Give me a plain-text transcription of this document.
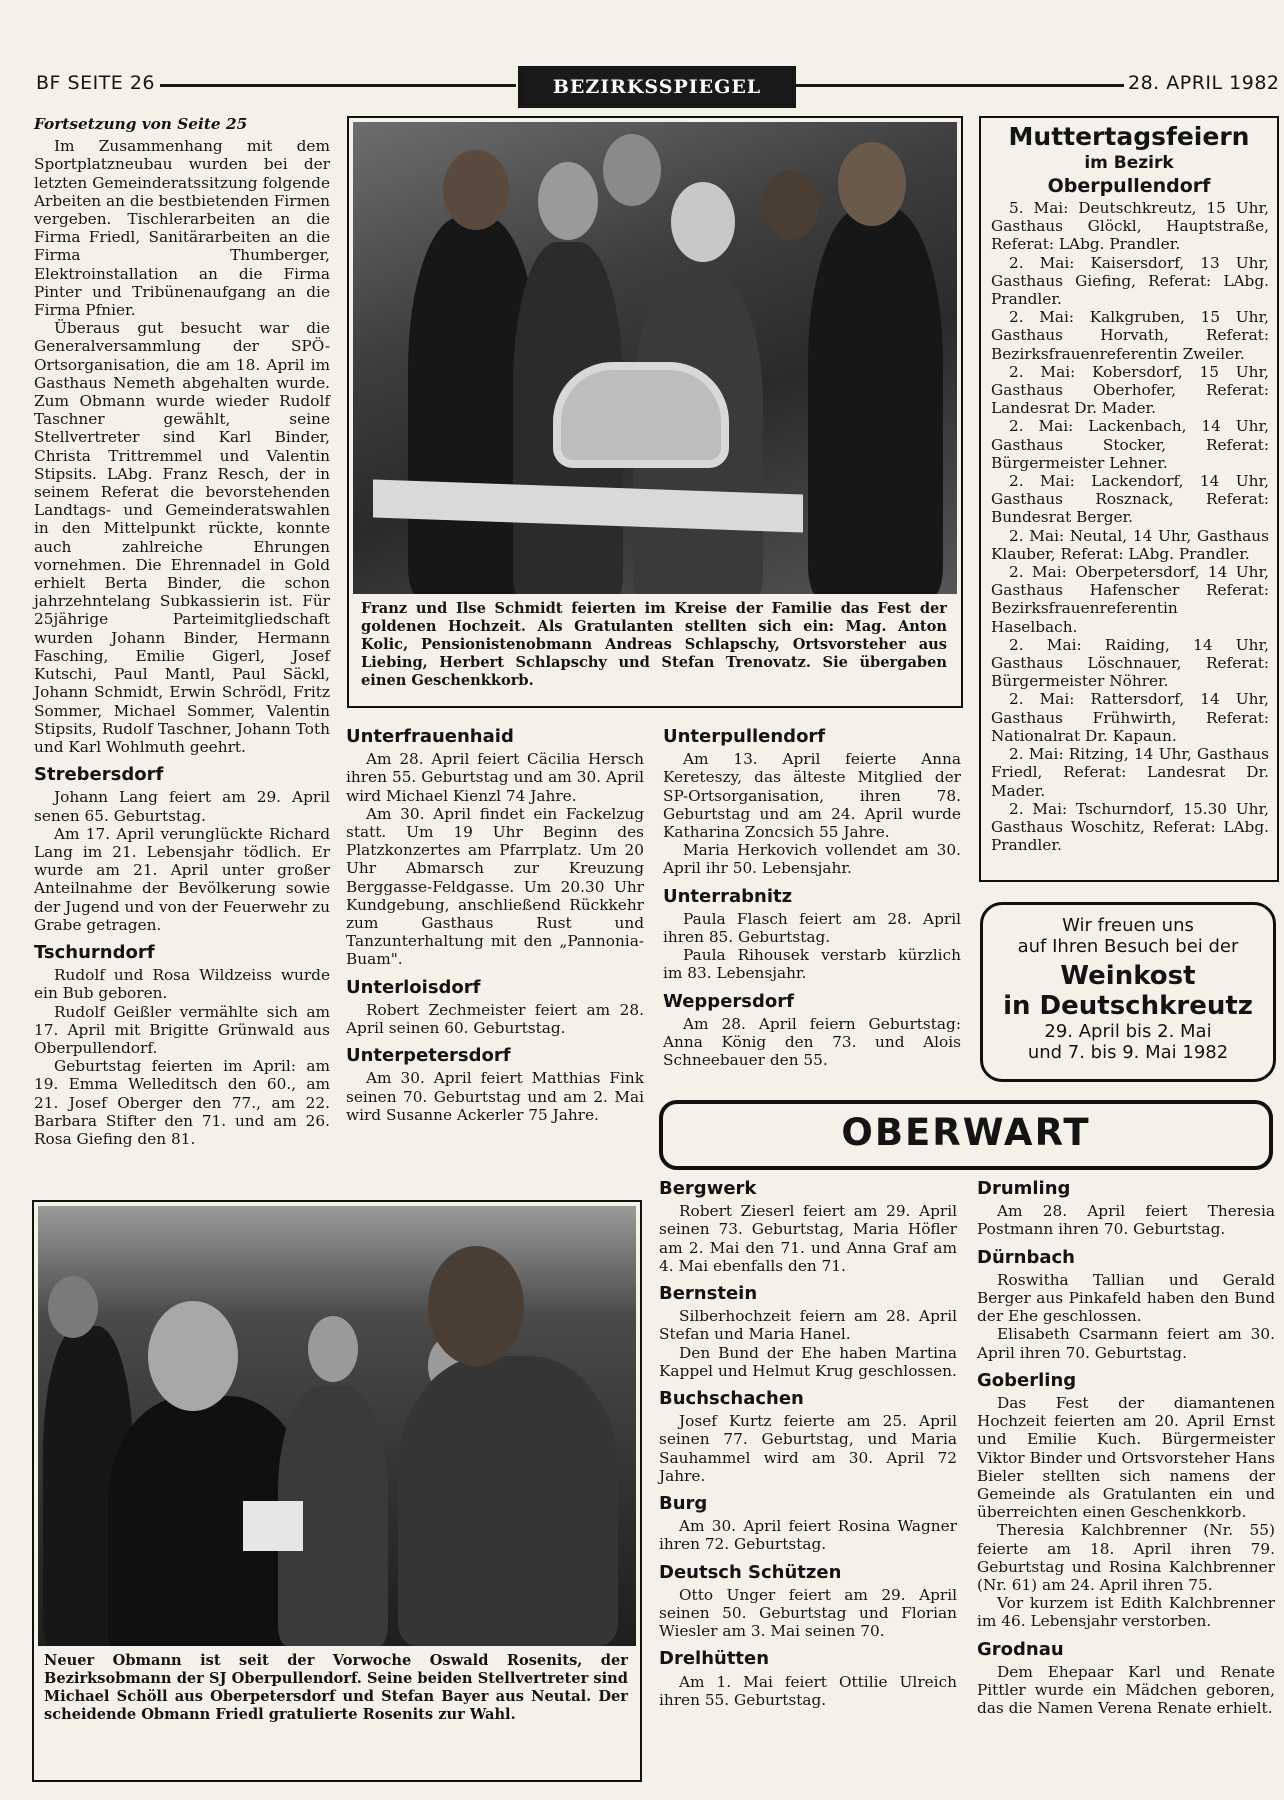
BF SEITE 26	BEZIRKSSPIEGEL	28. APRIL 1982

Fortsetzung von Seite 25

Im Zusammenhang mit dem Sportplatzneubau wurden bei der letzten Gemeinderatssitzung folgende Arbeiten an die bestbietenden Firmen vergeben. Tischlerarbeiten an die Firma Friedl, Sanitärarbeiten an die Firma Thumberger, Elektroinstallation an die Firma Pinter und Tribünenaufgang an die Firma Pfnier.

Überaus gut besucht war die Generalversammlung der SPÖ-Ortsorganisation, die am 18. April im Gasthaus Nemeth abgehalten wurde. Zum Obmann wurde wieder Rudolf Taschner gewählt, seine Stellvertreter sind Karl Binder, Christa Trittremmel und Valentin Stipsits. LAbg. Franz Resch, der in seinem Referat die bevorstehenden Landtags- und Gemeinderatswahlen in den Mittelpunkt rückte, konnte auch zahlreiche Ehrungen vornehmen. Die Ehrennadel in Gold erhielt Berta Binder, die schon jahrzehntelang Subkassierin ist. Für 25jährige Parteimitgliedschaft wurden Johann Binder, Hermann Fasching, Emilie Gigerl, Josef Kutschi, Paul Mantl, Paul Säckl, Johann Schmidt, Erwin Schrödl, Fritz Sommer, Michael Sommer, Valentin Stipsits, Rudolf Taschner, Johann Toth und Karl Wohlmuth geehrt.

Strebersdorf

Johann Lang feiert am 29. April senen 65. Geburtstag.

Am 17. April verunglückte Richard Lang im 21. Lebensjahr tödlich. Er wurde am 21. April unter großer Anteilnahme der Bevölkerung sowie der Jugend und von der Feuerwehr zu Grabe getragen.

Tschurndorf

Rudolf und Rosa Wildzeiss wurde ein Bub geboren.

Rudolf Geißler vermählte sich am 17. April mit Brigitte Grünwald aus Oberpullendorf.

Geburtstag feierten im April: am 19. Emma Welleditsch den 60., am 21. Josef Oberger den 77., am 22. Barbara Stifter den 71. und am 26. Rosa Giefing den 81.

Franz und Ilse Schmidt feierten im Kreise der Familie das Fest der goldenen Hochzeit. Als Gratulanten stellten sich ein: Mag. Anton Kolic, Pensionistenobmann Andreas Schlapschy, Ortsvorsteher aus Liebing, Herbert Schlapschy und Stefan Trenovatz. Sie übergaben einen Geschenkkorb.
Unterfrauenhaid

Am 28. April feiert Cäcilia Hersch ihren 55. Geburtstag und am 30. April wird Michael Kienzl 74 Jahre.

Am 30. April findet ein Fackelzug statt. Um 19 Uhr Beginn des Platzkonzertes am Pfarrplatz. Um 20 Uhr Abmarsch zur Kreuzung Berggasse-Feldgasse. Um 20.30 Uhr Kundgebung, anschließend Rückkehr zum Gasthaus Rust und Tanzunterhaltung mit den „Pannonia-Buam".

Unterloisdorf

Robert Zechmeister feiert am 28. April seinen 60. Geburtstag.

Unterpetersdorf

Am 30. April feiert Matthias Fink seinen 70. Geburtstag und am 2. Mai wird Susanne Ackerler 75 Jahre.

Unterpullendorf

Am 13. April feierte Anna Kereteszy, das älteste Mitglied der SP-Ortsorganisation, ihren 78. Geburtstag und am 24. April wurde Katharina Zoncsich 55 Jahre.

Maria Herkovich vollendet am 30. April ihr 50. Lebensjahr.

Unterrabnitz

Paula Flasch feiert am 28. April ihren 85. Geburtstag.

Paula Rihousek verstarb kürzlich im 83. Lebensjahr.

Weppersdorf

Am 28. April feiern Geburtstag: Anna König den 73. und Alois Schneebauer den 55.

Muttertagsfeiern
im Bezirk
Oberpullendorf

5. Mai: Deutschkreutz, 15 Uhr, Gasthaus Glöckl, Hauptstraße, Referat: LAbg. Prandler.

2. Mai: Kaisersdorf, 13 Uhr, Gasthaus Giefing, Referat: LAbg. Prandler.

2. Mai: Kalkgruben, 15 Uhr, Gasthaus Horvath, Referat: Bezirksfrauenreferentin Zweiler.

2. Mai: Kobersdorf, 15 Uhr, Gasthaus Oberhofer, Referat: Landesrat Dr. Mader.

2. Mai: Lackenbach, 14 Uhr, Gasthaus Stocker, Referat: Bürgermeister Lehner.

2. Mai: Lackendorf, 14 Uhr, Gasthaus Rosznack, Referat: Bundesrat Berger.

2. Mai: Neutal, 14 Uhr, Gasthaus Klauber, Referat: LAbg. Prandler.

2. Mai: Oberpetersdorf, 14 Uhr, Gasthaus Hafenscher Referat: Bezirksfrauenreferentin Haselbach.

2. Mai: Raiding, 14 Uhr, Gasthaus Löschnauer, Referat: Bürgermeister Nöhrer.

2. Mai: Rattersdorf, 14 Uhr, Gasthaus Frühwirth, Referat: Nationalrat Dr. Kapaun.

2. Mai: Ritzing, 14 Uhr, Gasthaus Friedl, Referat: Landesrat Dr. Mader.

2. Mai: Tschurndorf, 15.30 Uhr, Gasthaus Woschitz, Referat: LAbg. Prandler.

Wir freuen uns
auf Ihren Besuch bei der
Weinkost
in Deutschkreutz
29. April bis 2. Mai
und 7. bis 9. Mai 1982
OBERWART
Neuer Obmann ist seit der Vorwoche Oswald Rosenits, der Bezirksobmann der SJ Oberpullendorf. Seine beiden Stellvertreter sind Michael Schöll aus Oberpetersdorf und Stefan Bayer aus Neutal. Der scheidende Obmann Friedl gratulierte Rosenits zur Wahl.
Bergwerk

Robert Zieserl feiert am 29. April seinen 73. Geburtstag, Maria Höfler am 2. Mai den 71. und Anna Graf am 4. Mai ebenfalls den 71.

Bernstein

Silberhochzeit feiern am 28. April Stefan und Maria Hanel.

Den Bund der Ehe haben Martina Kappel und Helmut Krug geschlossen.

Buchschachen

Josef Kurtz feierte am 25. April seinen 77. Geburtstag, und Maria Sauhammel wird am 30. April 72 Jahre.

Burg

Am 30. April feiert Rosina Wagner ihren 72. Geburtstag.

Deutsch Schützen

Otto Unger feiert am 29. April seinen 50. Geburtstag und Florian Wiesler am 3. Mai seinen 70.

Drelhütten

Am 1. Mai feiert Ottilie Ulreich ihren 55. Geburtstag.

Drumling

Am 28. April feiert Theresia Postmann ihren 70. Geburtstag.

Dürnbach

Roswitha Tallian und Gerald Berger aus Pinkafeld haben den Bund der Ehe geschlossen.

Elisabeth Csarmann feiert am 30. April ihren 70. Geburtstag.

Goberling

Das Fest der diamantenen Hochzeit feierten am 20. April Ernst und Emilie Kuch. Bürgermeister Viktor Binder und Ortsvorsteher Hans Bieler stellten sich namens der Gemeinde als Gratulanten ein und überreichten einen Geschenkkorb.

Theresia Kalchbrenner (Nr. 55) feierte am 18. April ihren 79. Geburtstag und Rosina Kalchbrenner (Nr. 61) am 24. April ihren 75.

Vor kurzem ist Edith Kalchbrenner im 46. Lebensjahr verstorben.

Grodnau

Dem Ehepaar Karl und Renate Pittler wurde ein Mädchen geboren, das die Namen Verena Renate erhielt.
